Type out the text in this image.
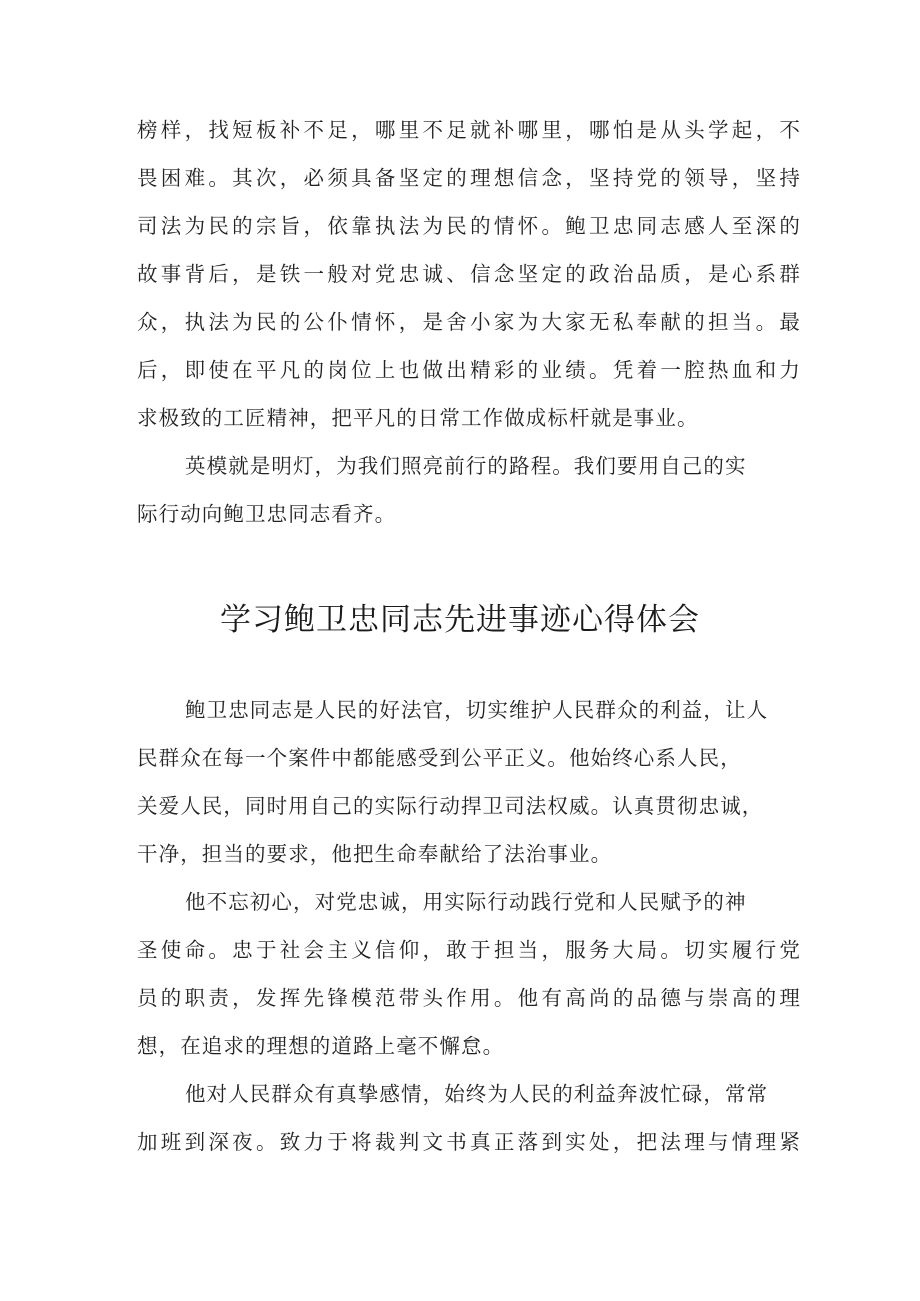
榜样，找短板补不足，哪里不足就补哪里，哪怕是从头学起，不
畏困难。其次，必须具备坚定的理想信念，坚持党的领导，坚持
司法为民的宗旨，依靠执法为民的情怀。鲍卫忠同志感人至深的
故事背后，是铁一般对党忠诚、信念坚定的政治品质，是心系群
众，执法为民的公仆情怀，是舍小家为大家无私奉献的担当。最
后，即使在平凡的岗位上也做出精彩的业绩。凭着一腔热血和力
求极致的工匠精神，把平凡的日常工作做成标杆就是事业。
英模就是明灯，为我们照亮前行的路程。我们要用自己的实
际行动向鲍卫忠同志看齐。
学习鲍卫忠同志先进事迹心得体会
鲍卫忠同志是人民的好法官，切实维护人民群众的利益，让人
民群众在每一个案件中都能感受到公平正义。他始终心系人民，
关爱人民，同时用自己的实际行动捍卫司法权威。认真贯彻忠诚，
干净，担当的要求，他把生命奉献给了法治事业。
他不忘初心，对党忠诚，用实际行动践行党和人民赋予的神
圣使命。忠于社会主义信仰，敢于担当，服务大局。切实履行党
员的职责，发挥先锋模范带头作用。他有高尚的品德与崇高的理
想，在追求的理想的道路上毫不懈怠。
他对人民群众有真挚感情，始终为人民的利益奔波忙碌，常常
加班到深夜。致力于将裁判文书真正落到实处，把法理与情理紧
